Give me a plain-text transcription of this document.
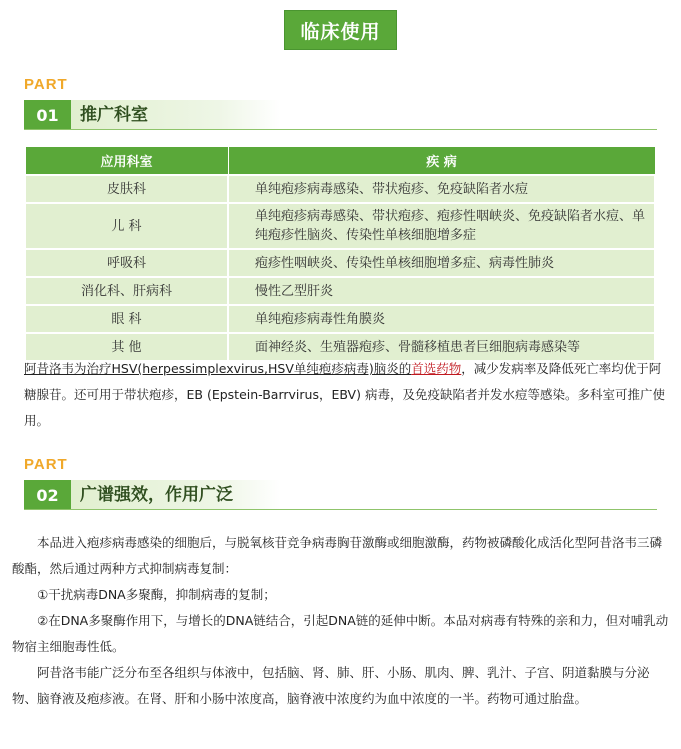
临床使用
PART
01	推广科室
应用科室	疾 病
皮肤科	单纯疱疹病毒感染、带状疱疹、免疫缺陷者水痘
儿 科	单纯疱疹病毒感染、带状疱疹、疱疹性咽峡炎、免疫缺陷者水痘、单纯疱疹性脑炎、传染性单核细胞增多症
呼吸科	疱疹性咽峡炎、传染性单核细胞增多症、病毒性肺炎
消化科、肝病科	慢性乙型肝炎
眼 科	单纯疱疹病毒性角膜炎
其 他	面神经炎、生殖器疱疹、骨髓移植患者巨细胞病毒感染等
阿昔洛韦为治疗HSV(herpessimplexvirus,HSV单纯疱疹病毒)脑炎的首选药物，减少发病率及降低死亡率均优于阿糖腺苷。还可用于带状疱疹，EB (Epstein-Barrvirus，EBV) 病毒，及免疫缺陷者并发水痘等感染。多科室可推广使用。
PART
02	广谱强效，作用广泛
本品进入疱疹病毒感染的细胞后，与脱氧核苷竞争病毒胸苷激酶或细胞激酶，药物被磷酸化成活化型阿昔洛韦三磷酸酯，然后通过两种方式抑制病毒复制：
①干扰病毒DNA多聚酶，抑制病毒的复制；
②在DNA多聚酶作用下，与增长的DNA链结合，引起DNA链的延伸中断。本品对病毒有特殊的亲和力，但对哺乳动物宿主细胞毒性低。
阿昔洛韦能广泛分布至各组织与体液中，包括脑、肾、肺、肝、小肠、肌肉、脾、乳汁、子宫、阴道黏膜与分泌物、脑脊液及疱疹液。在肾、肝和小肠中浓度高，脑脊液中浓度约为血中浓度的一半。药物可通过胎盘。
